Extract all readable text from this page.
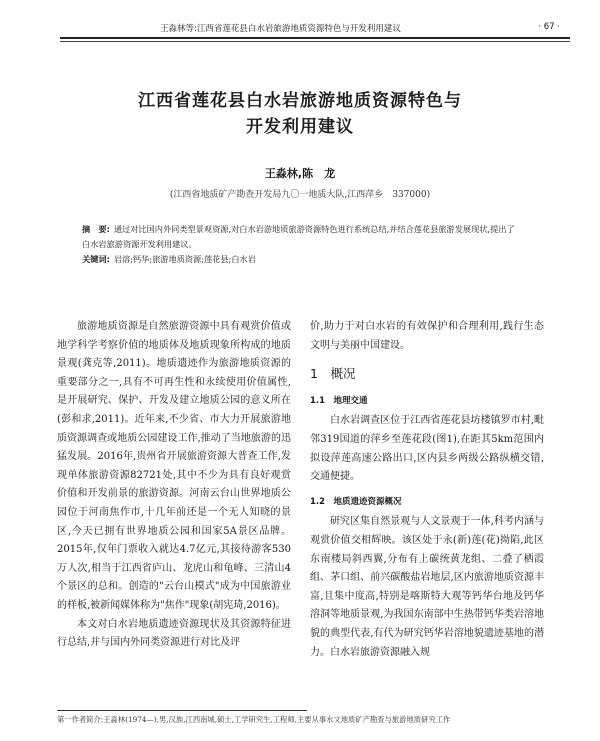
王淼林等:江西省莲花县白水岩旅游地质资源特色与开发利用建议	· 67 ·
江西省莲花县白水岩旅游地质资源特色与
开发利用建议
王淼林,陈　龙
(江西省地质矿产勘查开发局九〇一地质大队,江西萍乡　337000)

摘　要: 通过对比国内外同类型景观资源,对白水岩游地质旅游资源特色进行系统总结,并结合莲花县旅游发展现状,提出了白水岩旅游资源开发利用建议。

关键词: 岩溶;钙华;旅游地质资源;莲花县;白水岩

旅游地质资源是自然旅游资源中具有观赏价值或地学科学考察价值的地质体及地质现象所构成的地质景观(龚克等,2011)。地质遗迹作为旅游地质资源的重要部分之一,具有不可再生性和永续使用价值属性,是开展研究、保护、开发及建立地质公园的意义所在(彭和求,2011)。近年来,不少省、市大力开展旅游地质资源调查或地质公园建设工作,推动了当地旅游的迅猛发展。2016年,贵州省开展旅游资源大普查工作,发现单体旅游资源82721处,其中不少为具有良好观赏价值和开发前景的旅游资源。河南云台山世界地质公园位于河南焦作市,十几年前还是一个无人知晓的景区,今天已拥有世界地质公园和国家5A景区品牌。2015年,仅年门票收入就达4.7亿元,其接待游客530万人次,相当于江西省庐山、龙虎山和龟峰、三清山4个景区的总和。创造的"云台山模式"成为中国旅游业的样板,被新闻媒体称为"焦作"现象(胡宪琦,2016)。

本文对白水岩地质遗迹资源现状及其资源特征进行总结,并与国内外同类资源进行对比及评

价,助力于对白水岩的有效保护和合理利用,践行生态文明与美丽中国建设。

1　概况
1.1　地理交通

白水岩调查区位于江西省莲花县坊楼镇罗市村,毗邻319国道的萍乡至莲花段(图1),在距其5km范围内拟设萍莲高速公路出口,区内县乡两级公路纵横交错,交通便捷。

1.2　地质遗迹资源概况

研究区集自然景观与人文景观于一体,科考内涵与观赏价值交相辉映。该区处于永(新)莲(花)拗陷,此区东南楼局斜西翼,分布有上碳统黄龙组、二叠了栖霞组、茅口组、前兴碳酸盐岩地层,区内旅游地质资源丰富,且集中度高,特别是喀斯特大观等钙华台地及钙华溶洞等地质景观,为我国东南部中生热带钙华类岩溶地貌的典型代表,有代为研究钙华岩溶地貌遗迹基地的潜力。白水岩旅游资源融入规

第一作者简介:王淼林(1974—),男,汉族,江西南城,硕士,工学研究生,工程师,主要从事水文地质矿产勘查与旅游地质研究工作
